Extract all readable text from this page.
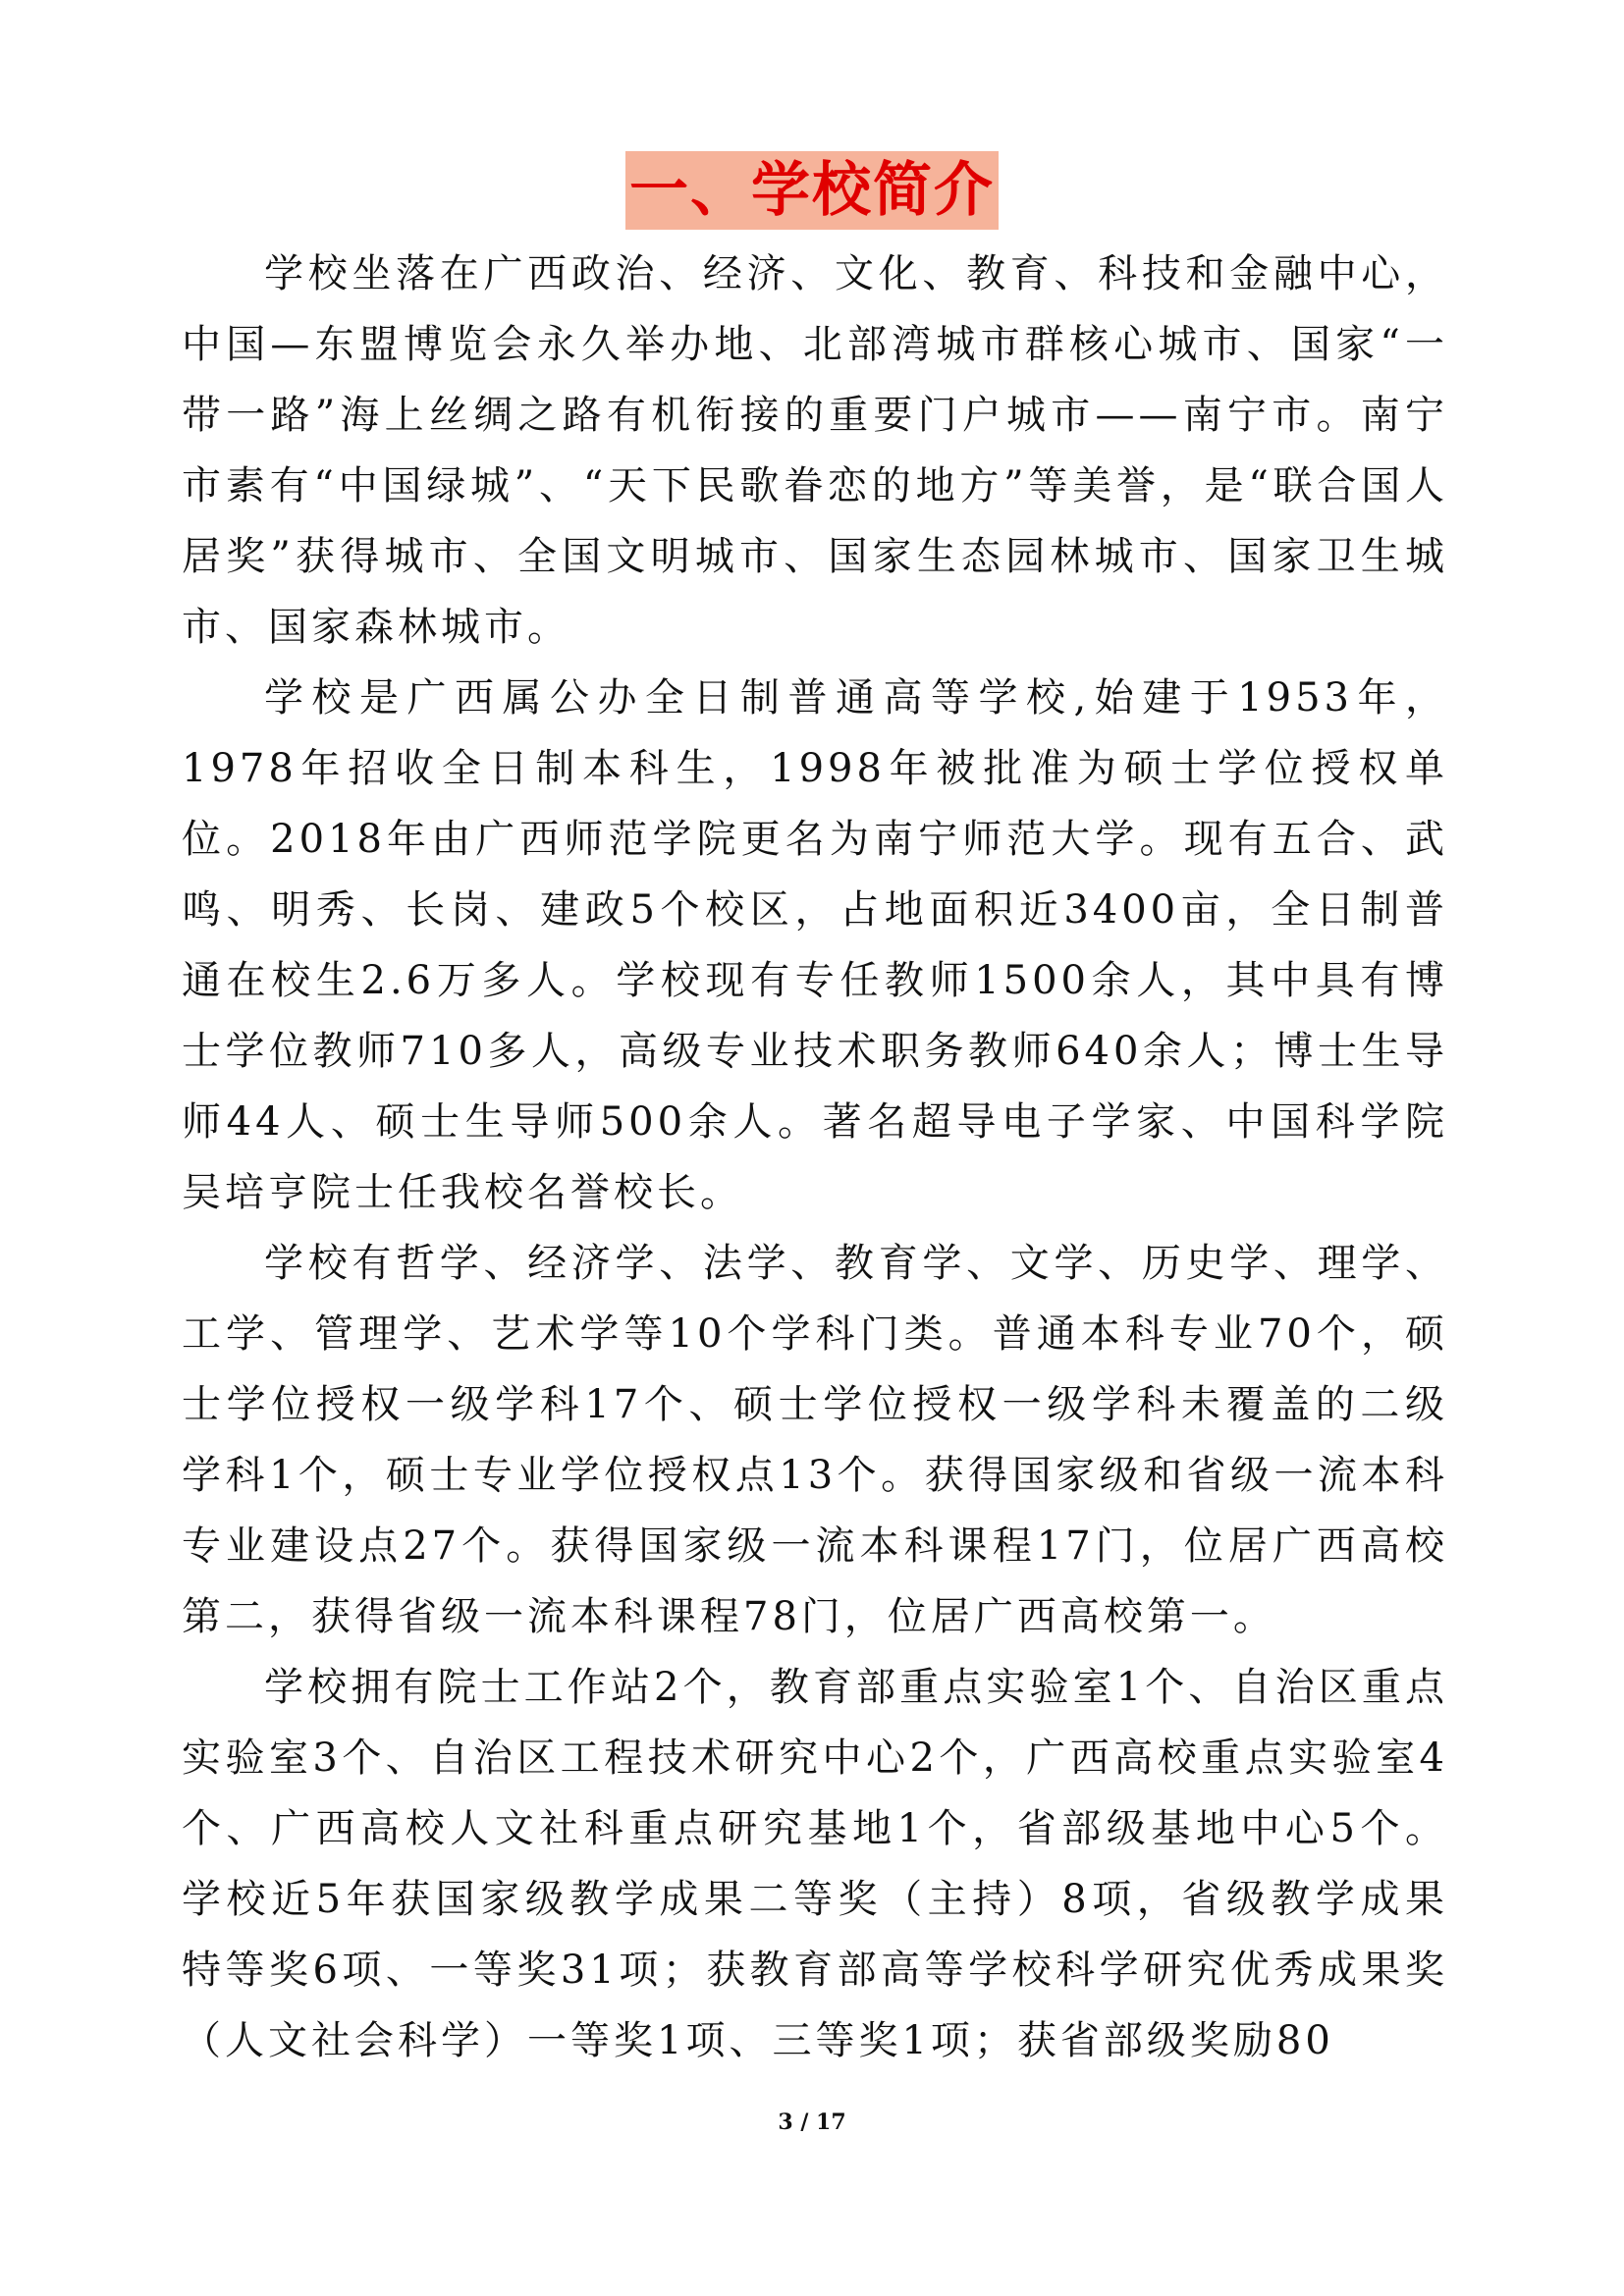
一、学校简介

学校坐落在广西政治、经济、文化、教育、科技和金融中心，中国—东盟博览会永久举办地、北部湾城市群核心城市、国家“一带一路”海上丝绸之路有机衔接的重要门户城市——南宁市。南宁市素有“中国绿城”、“天下民歌眷恋的地方”等美誉，是“联合国人居奖”获得城市、全国文明城市、国家生态园林城市、国家卫生城市、国家森林城市。

学校是广西属公办全日制普通高等学校,始建于1953年，1978年招收全日制本科生，1998年被批准为硕士学位授权单位。2018年由广西师范学院更名为南宁师范大学。现有五合、武鸣、明秀、长岗、建政5个校区，占地面积近3400亩，全日制普通在校生2.6万多人。学校现有专任教师1500余人，其中具有博士学位教师710多人，高级专业技术职务教师640余人；博士生导师44人、硕士生导师500余人。著名超导电子学家、中国科学院吴培亨院士任我校名誉校长。

学校有哲学、经济学、法学、教育学、文学、历史学、理学、工学、管理学、艺术学等10个学科门类。普通本科专业70个，硕士学位授权一级学科17个、硕士学位授权一级学科未覆盖的二级学科1个，硕士专业学位授权点13个。获得国家级和省级一流本科专业建设点27个。获得国家级一流本科课程17门，位居广西高校第二，获得省级一流本科课程78门，位居广西高校第一。

学校拥有院士工作站2个，教育部重点实验室1个、自治区重点实验室3个、自治区工程技术研究中心2个，广西高校重点实验室4个、广西高校人文社科重点研究基地1个，省部级基地中心5个。学校近5年获国家级教学成果二等奖（主持）8项，省级教学成果特等奖6项、一等奖31项；获教育部高等学校科学研究优秀成果奖（人文社会科学）一等奖1项、三等奖1项；获省部级奖励80

3 / 17
